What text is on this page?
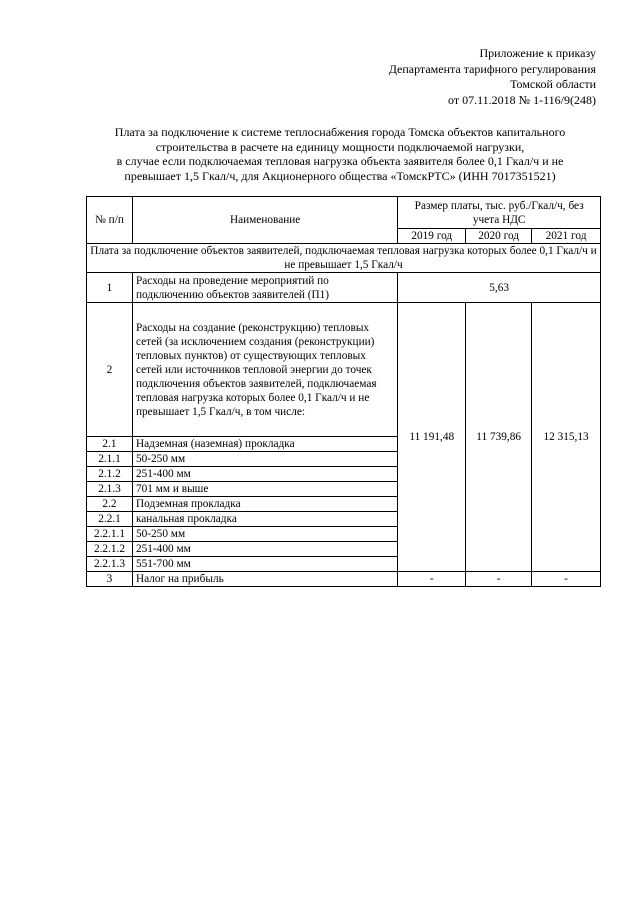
Приложение к приказу
Департамента тарифного регулирования
Томской области
от 07.11.2018 № 1-116/9(248)
Плата за подключение к системе теплоснабжения города Томска объектов капитального
строительства в расчете на единицу мощности подключаемой нагрузки,
в случае если подключаемая тепловая нагрузка объекта заявителя более 0,1 Гкал/ч и не
превышает 1,5 Гкал/ч, для Акционерного общества «ТомскРТС» (ИНН 7017351521)
№ п/п	Наименование	Размер платы, тыс. руб./Гкал/ч, без учета НДС		
		2019 год	2020 год	2021 год
Плата за подключение объектов заявителей, подключаемая тепловая нагрузка которых более 0,1 Гкал/ч и не превышает 1,5 Гкал/ч				
1	Расходы на проведение мероприятий по подключению объектов заявителей (П1)	5,63		
2	Расходы на создание (реконструкцию) тепловых сетей (за исключением создания (реконструкции) тепловых пунктов) от существующих тепловых сетей или источников тепловой энергии до точек подключения объектов заявителей, подключаемая тепловая нагрузка которых более 0,1 Гкал/ч и не превышает 1,5 Гкал/ч, в том числе:	11 191,48	11 739,86	12 315,13
2.1	Надземная (наземная) прокладка			
2.1.1	50-250 мм			
2.1.2	251-400 мм			
2.1.3	701 мм и выше			
2.2	Подземная прокладка			
2.2.1	канальная прокладка			
2.2.1.1	50-250 мм			
2.2.1.2	251-400 мм			
2.2.1.3	551-700 мм			
3	Налог на прибыль	-	-	-
